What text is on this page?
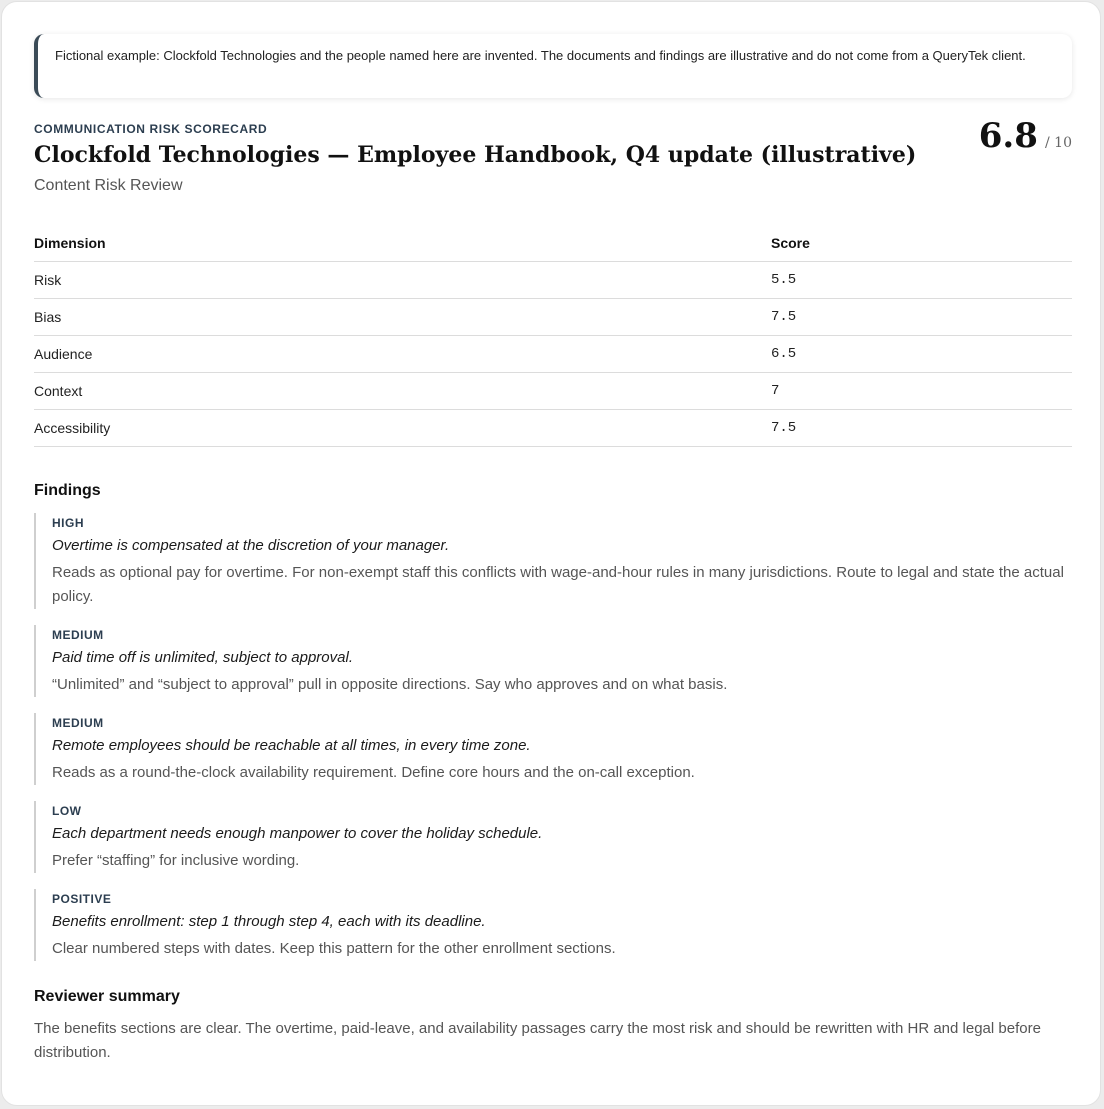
Fictional example: Clockfold Technologies and the people named here are invented. The documents and findings are illustrative and do not come from a QueryTek client.
COMMUNICATION RISK SCORECARD
Clockfold Technologies — Employee Handbook, Q4 update (illustrative)
Content Risk Review
6.8 / 10
Dimension	Score
Risk	5.5
Bias	7.5
Audience	6.5
Context	7
Accessibility	7.5
Findings
HIGH
Overtime is compensated at the discretion of your manager.
Reads as optional pay for overtime. For non-exempt staff this conflicts with wage-and-hour rules in many jurisdictions. Route to legal and state the actual policy.
MEDIUM
Paid time off is unlimited, subject to approval.
“Unlimited” and “subject to approval” pull in opposite directions. Say who approves and on what basis.
MEDIUM
Remote employees should be reachable at all times, in every time zone.
Reads as a round-the-clock availability requirement. Define core hours and the on-call exception.
LOW
Each department needs enough manpower to cover the holiday schedule.
Prefer “staffing” for inclusive wording.
POSITIVE
Benefits enrollment: step 1 through step 4, each with its deadline.
Clear numbered steps with dates. Keep this pattern for the other enrollment sections.
Reviewer summary
The benefits sections are clear. The overtime, paid-leave, and availability passages carry the most risk and should be rewritten with HR and legal before distribution.
